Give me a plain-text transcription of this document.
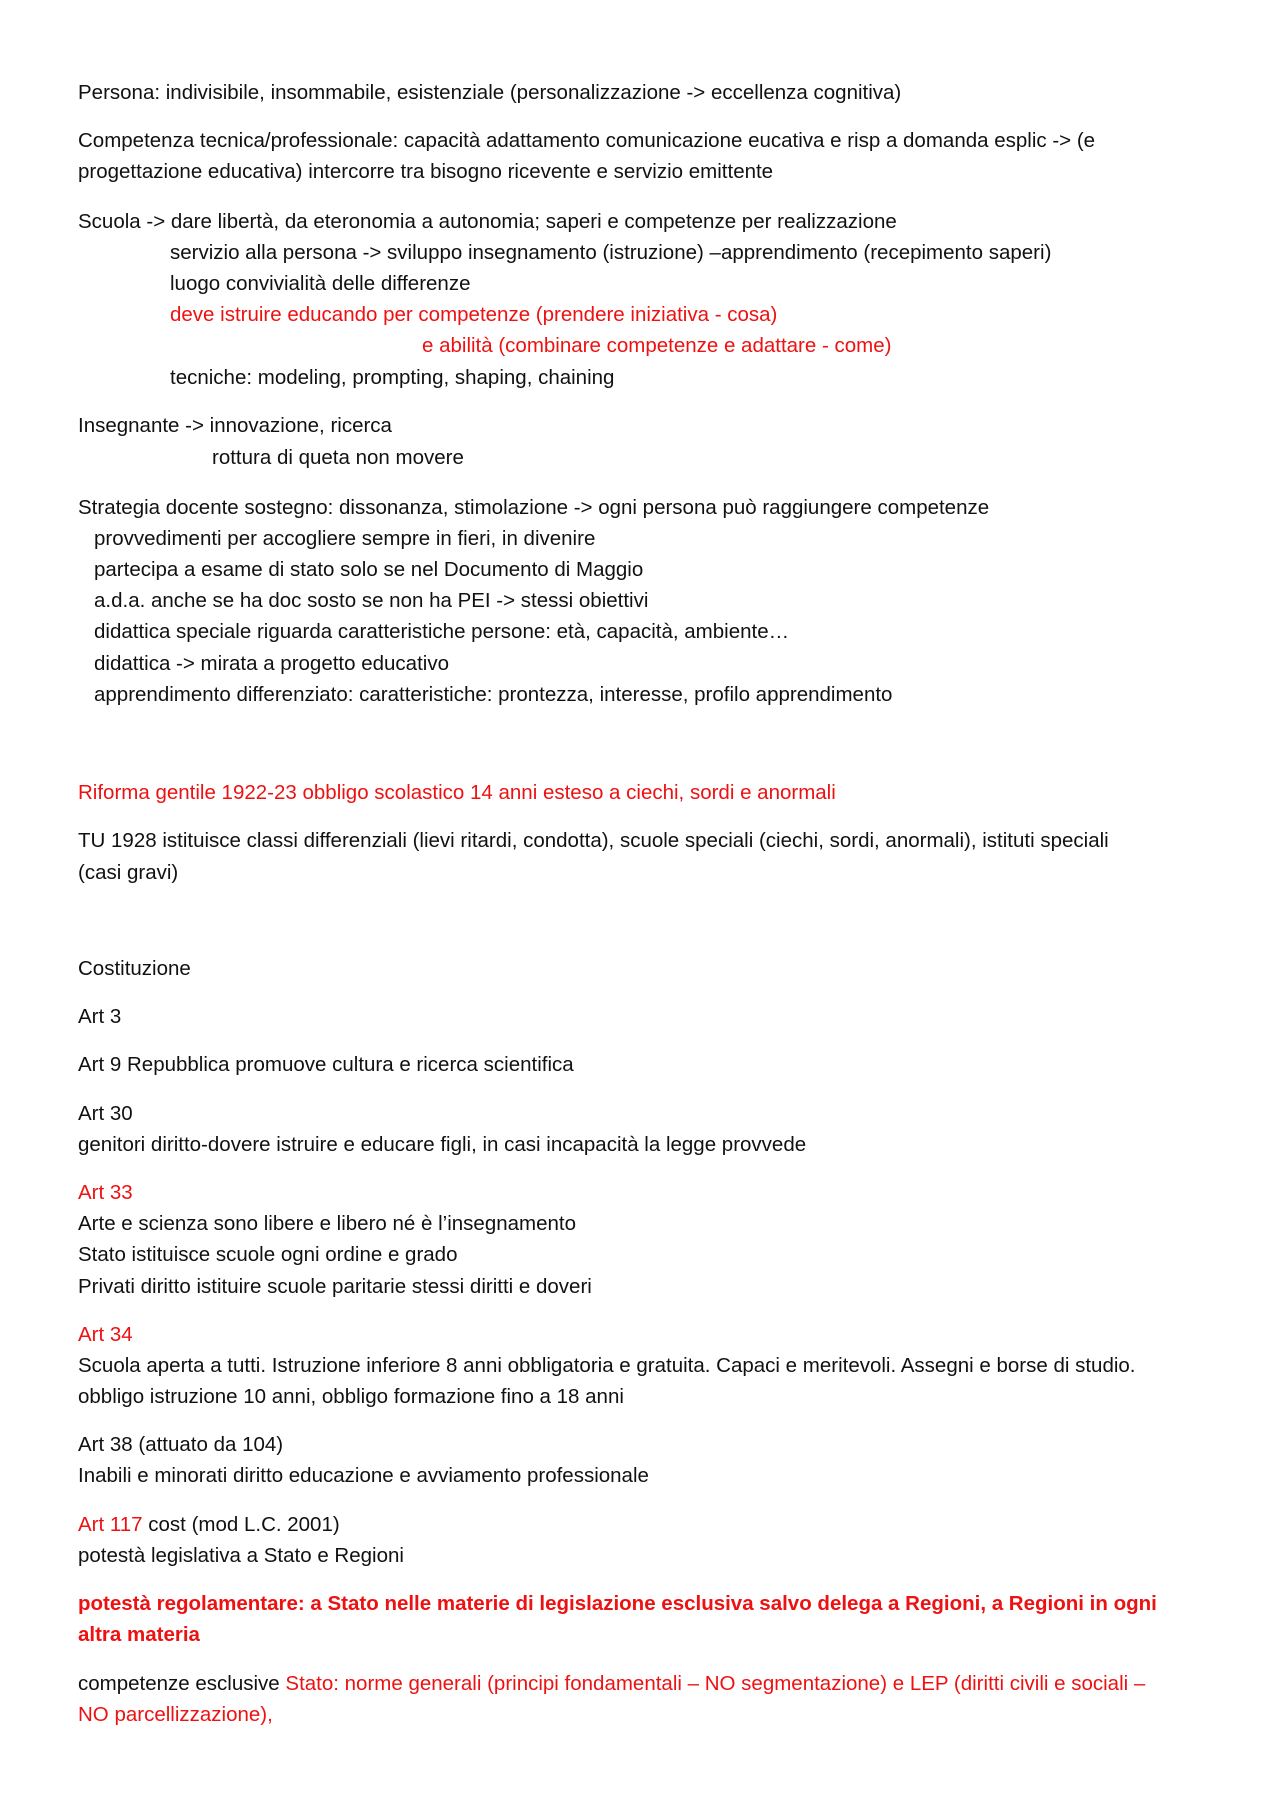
Persona: indivisibile, insommabile, esistenziale (personalizzazione -> eccellenza cognitiva)
Competenza tecnica/professionale: capacità adattamento comunicazione eucativa e risp a domanda esplic -> (e
progettazione educativa) intercorre tra bisogno ricevente e servizio emittente
Scuola -> dare libertà, da eteronomia a autonomia; saperi e competenze per realizzazione
servizio alla persona -> sviluppo insegnamento (istruzione) –apprendimento (recepimento saperi)
luogo convivialità delle differenze
deve istruire educando per competenze (prendere iniziativa - cosa)
e abilità (combinare competenze e adattare - come)
tecniche: modeling, prompting, shaping, chaining
Insegnante -> innovazione, ricerca
rottura di queta non movere
Strategia docente sostegno: dissonanza, stimolazione -> ogni persona può raggiungere competenze
provvedimenti per accogliere sempre in fieri, in divenire
partecipa a esame di stato solo se nel Documento di Maggio
a.d.a. anche se ha doc sosto se non ha PEI -> stessi obiettivi
didattica speciale riguarda caratteristiche persone: età, capacità, ambiente…
didattica -> mirata a progetto educativo
apprendimento differenziato: caratteristiche: prontezza, interesse, profilo apprendimento
Riforma gentile 1922-23 obbligo scolastico 14 anni esteso a ciechi, sordi e anormali
TU 1928 istituisce classi differenziali (lievi ritardi, condotta), scuole speciali (ciechi, sordi, anormali), istituti speciali
(casi gravi)
Costituzione
Art 3
Art 9 Repubblica promuove cultura e ricerca scientifica
Art 30
genitori diritto-dovere istruire e educare figli, in casi incapacità la legge provvede
Art 33
Arte e scienza sono libere e libero né è l’insegnamento
Stato istituisce scuole ogni ordine e grado
Privati diritto istituire scuole paritarie stessi diritti e doveri
Art 34
Scuola aperta a tutti. Istruzione inferiore 8 anni obbligatoria e gratuita. Capaci e meritevoli. Assegni e borse di studio.
obbligo istruzione 10 anni, obbligo formazione fino a 18 anni
Art 38 (attuato da 104)
Inabili e minorati diritto educazione e avviamento professionale
Art 117 cost (mod L.C. 2001)
potestà legislativa a Stato e Regioni
potestà regolamentare: a Stato nelle materie di legislazione esclusiva salvo delega a Regioni, a Regioni in ogni
altra materia
competenze esclusive Stato: norme generali (principi fondamentali – NO segmentazione) e LEP (diritti civili e sociali –
NO parcellizzazione),
